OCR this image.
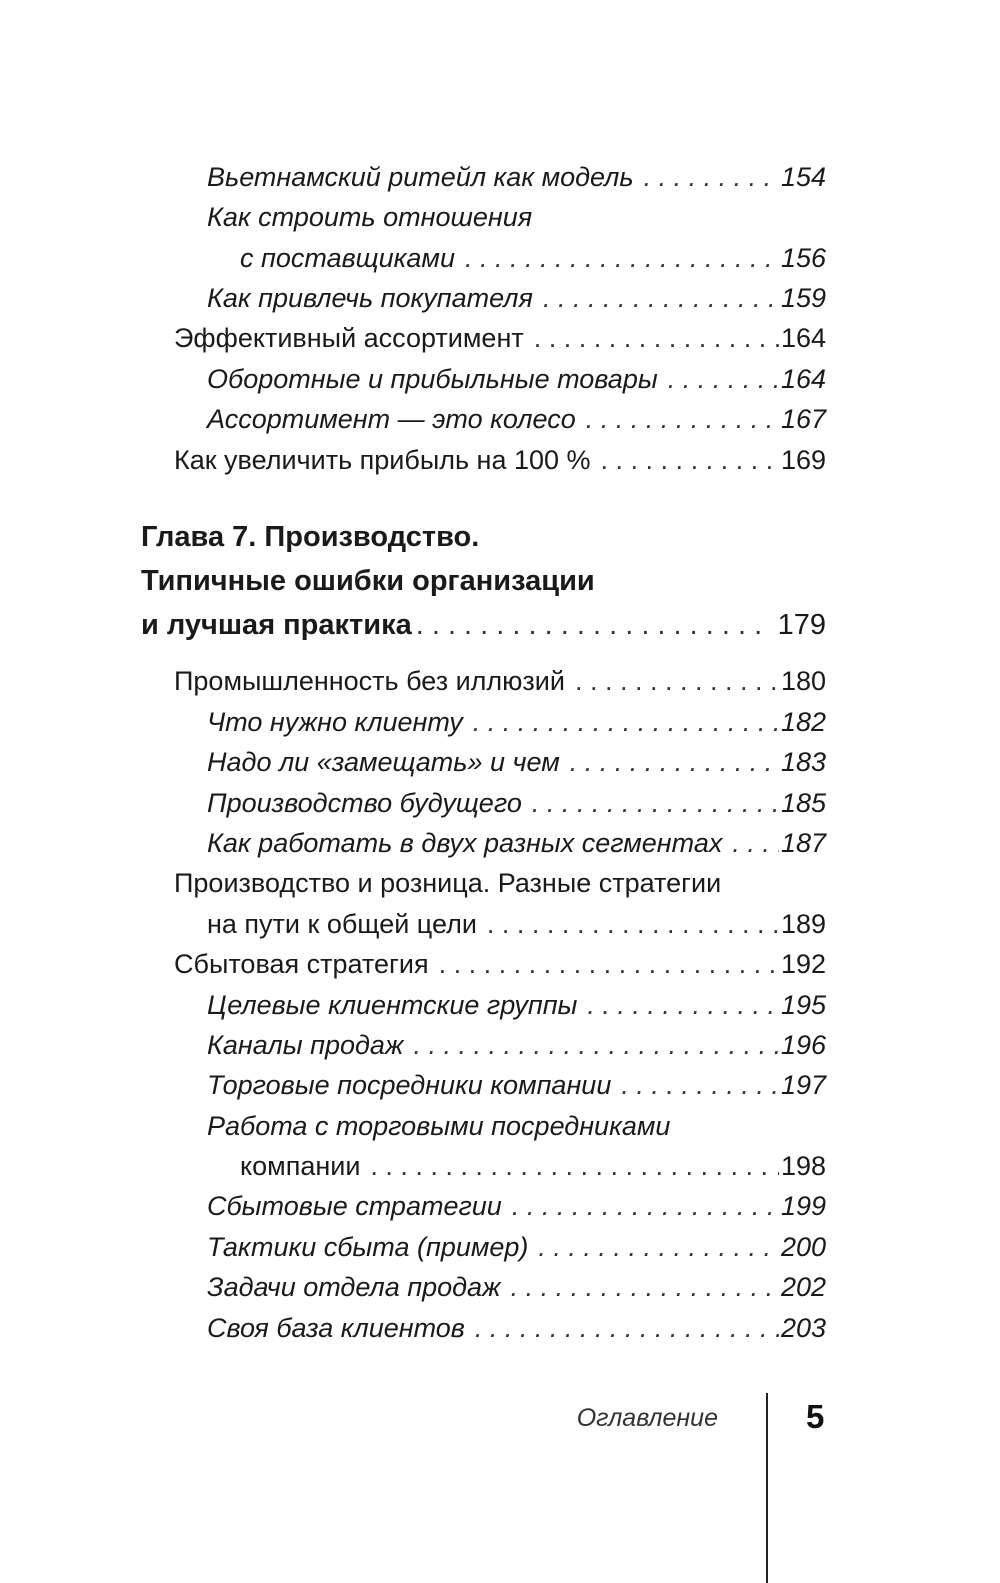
Вьетнамский ритейл как модель . . .	154
Как строить отношения
с поставщиками . . .	156
Как привлечь покупателя . . .	159
Эффективный ассортимент . . .	164
Оборотные и прибыльные товары . . .	164
Ассортимент — это колесо . . .	167
Как увеличить прибыль на 100 % . . .	169
Глава 7. Производство.
Типичные ошибки организации
и лучшая практика . . .	179
Промышленность без иллюзий . . .	180
Что нужно клиенту . . .	182
Надо ли «замещать» и чем . . .	183
Производство будущего . . .	185
Как работать в двух разных сегментах . . . 187
Производство и розница. Разные стратегии
на пути к общей цели . . .	189
Сбытовая стратегия . . .	192
Целевые клиентские группы . . .	195
Каналы продаж . . .	196
Торговые посредники компании . . .	197
Работа с торговыми посредниками
компании . . .	198
Сбытовые стратегии . . .	199
Тактики сбыта (пример) . . .	200
Задачи отдела продаж . . .	202
Своя база клиентов . . .	203
Оглавление	5
